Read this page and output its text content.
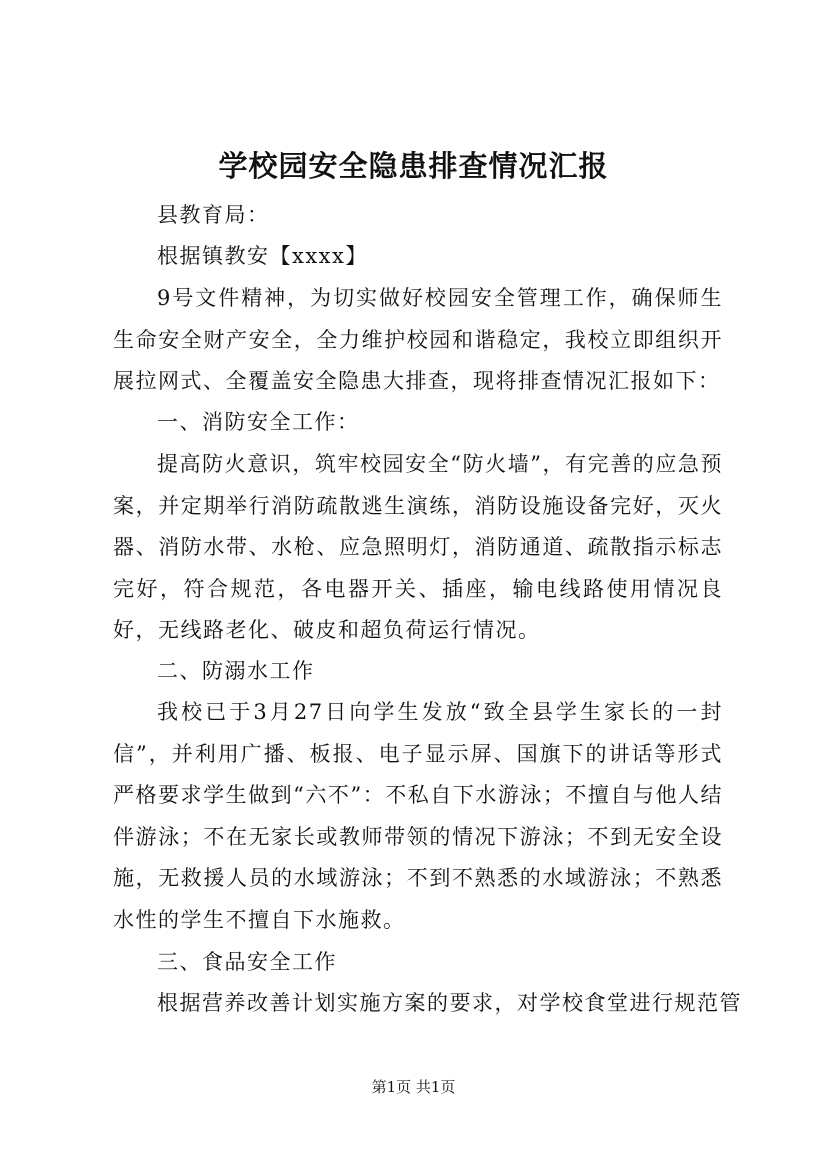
学校园安全隐患排查情况汇报

县教育局：

根据镇教安【xxxx】

9号文件精神，为切实做好校园安全管理工作，确保师生生命安全财产安全，全力维护校园和谐稳定，我校立即组织开展拉网式、全覆盖安全隐患大排查，现将排查情况汇报如下：

一、消防安全工作：

提高防火意识，筑牢校园安全“防火墙”，有完善的应急预案，并定期举行消防疏散逃生演练，消防设施设备完好，灭火器、消防水带、水枪、应急照明灯，消防通道、疏散指示标志完好，符合规范，各电器开关、插座，输电线路使用情况良好，无线路老化、破皮和超负荷运行情况。

二、防溺水工作

我校已于3月27日向学生发放“致全县学生家长的一封信”，并利用广播、板报、电子显示屏、国旗下的讲话等形式严格要求学生做到“六不”：不私自下水游泳；不擅自与他人结伴游泳；不在无家长或教师带领的情况下游泳；不到无安全设施，无救援人员的水域游泳；不到不熟悉的水域游泳；不熟悉水性的学生不擅自下水施救。

三、食品安全工作

根据营养改善计划实施方案的要求，对学校食堂进行规范管

第1页 共1页
